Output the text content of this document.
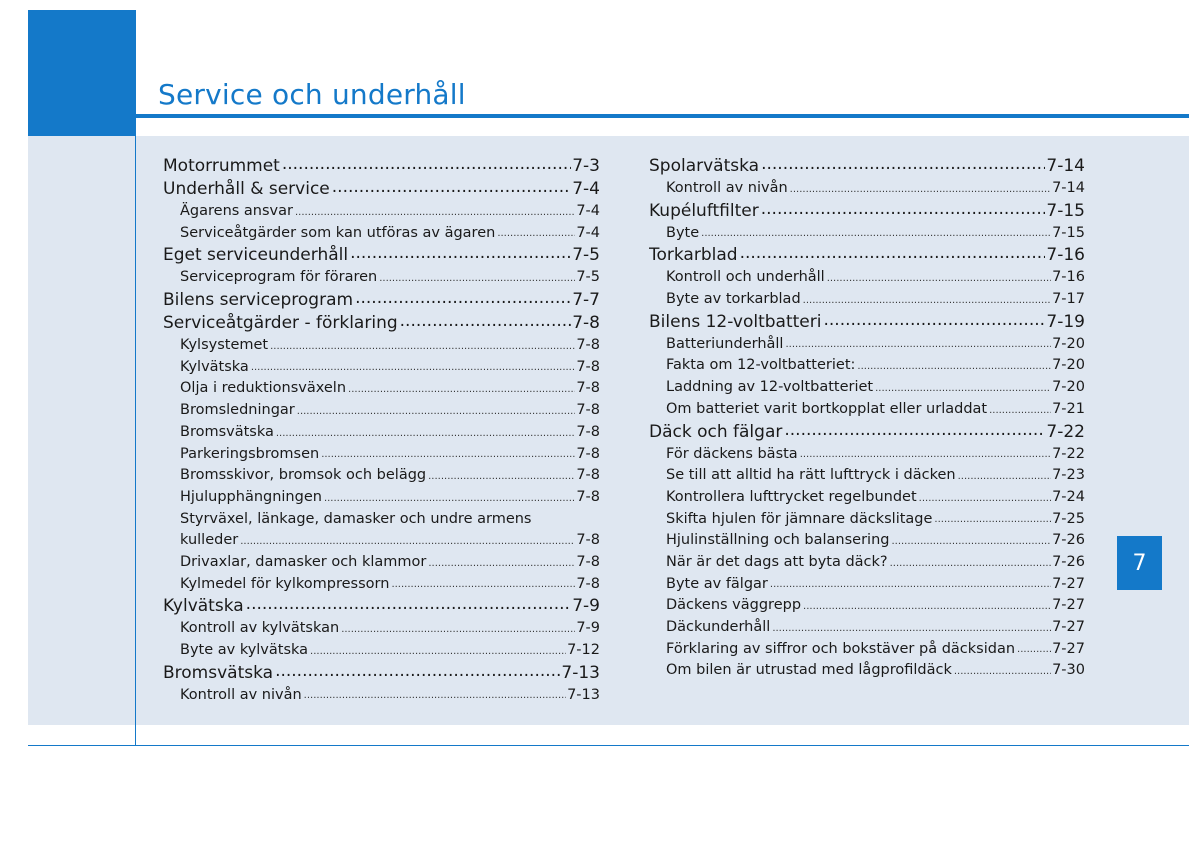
Service och underhåll
7
Motorrummet .....	7-3
Underhåll & service .....	7-4
Ägarens ansvar .....	7-4
Serviceåtgärder som kan utföras av ägaren .....	7-4
Eget serviceunderhåll .....	7-5
Serviceprogram för föraren .....	7-5
Bilens serviceprogram .....	7-7
Serviceåtgärder - förklaring .....	7-8
Kylsystemet .....	7-8
Kylvätska .....	7-8
Olja i reduktionsväxeln .....	7-8
Bromsledningar .....	7-8
Bromsvätska .....	7-8
Parkeringsbromsen .....	7-8
Bromsskivor, bromsok och belägg .....	7-8
Hjulupphängningen .....	7-8
Styrväxel, länkage, damasker och undre armens
kulleder .....	7-8
Drivaxlar, damasker och klammor .....	7-8
Kylmedel för kylkompressorn .....	7-8
Kylvätska .....	7-9
Kontroll av kylvätskan .....	7-9
Byte av kylvätska .....	7-12
Bromsvätska .....	7-13
Kontroll av nivån .....	7-13
Spolarvätska .....	7-14
Kontroll av nivån .....	7-14
Kupéluftfilter .....	7-15
Byte .....	7-15
Torkarblad .....	7-16
Kontroll och underhåll .....	7-16
Byte av torkarblad .....	7-17
Bilens 12-voltbatteri .....	7-19
Batteriunderhåll .....	7-20
Fakta om 12-voltbatteriet: .....	7-20
Laddning av 12-voltbatteriet .....	7-20
Om batteriet varit bortkopplat eller urladdat .....	7-21
Däck och fälgar .....	7-22
För däckens bästa .....	7-22
Se till att alltid ha rätt lufttryck i däcken .....	7-23
Kontrollera lufttrycket regelbundet .....	7-24
Skifta hjulen för jämnare däckslitage .....	7-25
Hjulinställning och balansering .....	7-26
När är det dags att byta däck? .....	7-26
Byte av fälgar .....	7-27
Däckens väggrepp .....	7-27
Däckunderhåll .....	7-27
Förklaring av siffror och bokstäver på däcksidan .....	7-27
Om bilen är utrustad med lågprofildäck .....	7-30
